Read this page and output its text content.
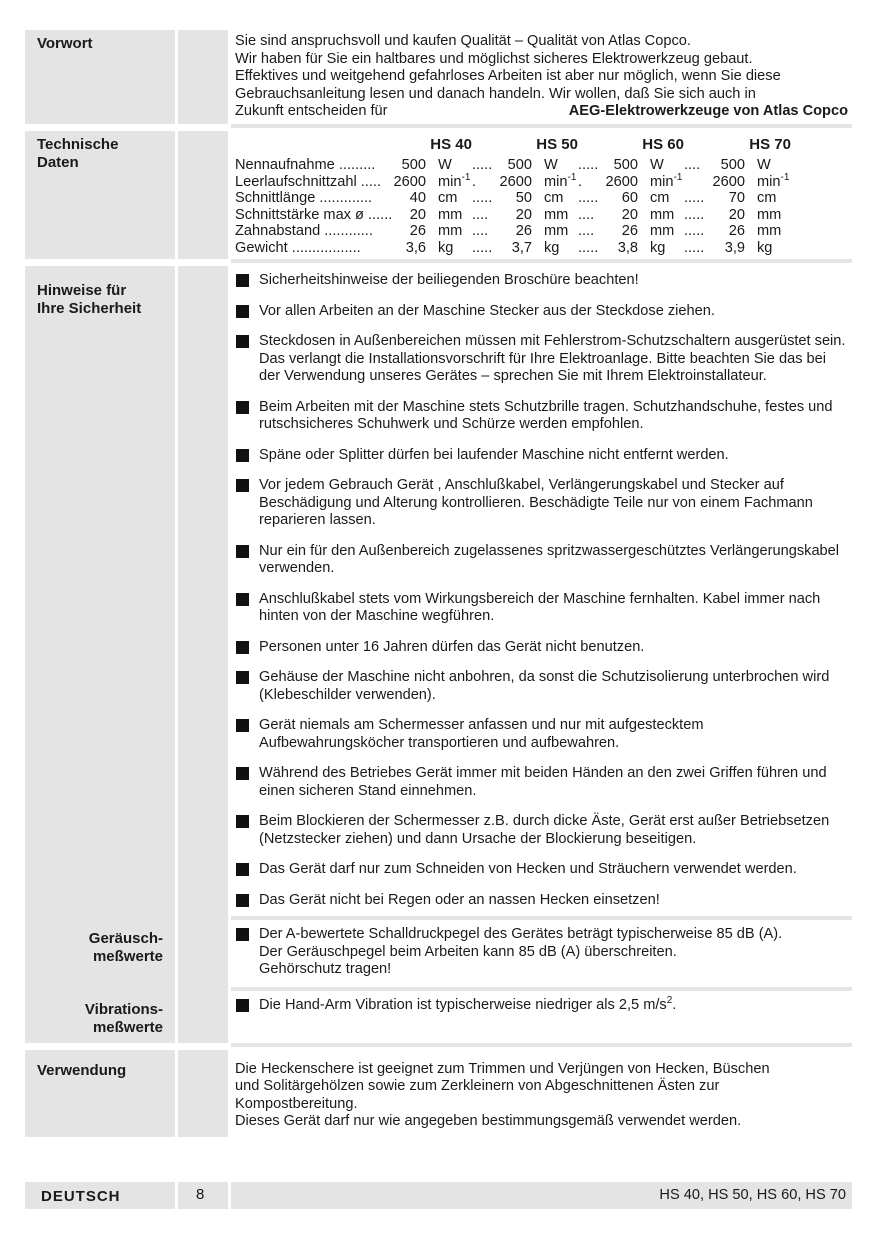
Vorwort	Sie sind anspruchsvoll und kaufen Qualität – Qualität von Atlas Copco.

Wir haben für Sie ein haltbares und möglichst sicheres Elektrowerkzeug gebaut.

Effektives und weitgehend gefahrloses Arbeiten ist aber nur möglich, wenn Sie diese

Gebrauchsanleitung lesen und danach handeln. Wir wollen, daß Sie sich auch in

Zukunft entscheiden für	AEG-Elektrowerkzeuge von Atlas Copco
Technische
Daten
HS 40	HS 50	HS 60	HS 70

Nennaufnahme ......... 500 W	..... 500 W	..... 500 W	.... 500 W

Leerlaufschnittzahl ..... 2600 $\min^{-1}$	. 2600 $\min^{-1}$	. 2600 $\min^{-1}$	2600 $\min^{-1}$

Schnittlänge ............. 40 cm	..... 50 cm	..... 60 cm	..... 70 cm

Schnittstärke max ø ...... 20 mm	.... 20 mm	.... 20 mm	..... 20 mm

Zahnabstand ............ 26 mm	.... 26 mm	.... 26 mm	..... 26 mm

Gewicht ................. 3,6 kg	..... 3,7 kg	..... 3,8 kg	..... 3,9 kg
Hinweise für
Ihre Sicherheit
Sicherheitshinweise der beiliegenden Broschüre beachten!
Vor allen Arbeiten an der Maschine Stecker aus der Steckdose ziehen.
Steckdosen in Außenbereichen müssen mit Fehlerstrom-Schutzschaltern ausgerüstet sein. Das verlangt die Installationsvorschrift für Ihre Elektroanlage. Bitte beachten Sie das bei der Verwendung unseres Gerätes – sprechen Sie mit Ihrem Elektroinstallateur.
Beim Arbeiten mit der Maschine stets Schutzbrille tragen. Schutzhandschuhe, festes und rutschsicheres Schuhwerk und Schürze werden empfohlen.
Späne oder Splitter dürfen bei laufender Maschine nicht entfernt werden.
Vor jedem Gebrauch Gerät , Anschlußkabel, Verlängerungskabel und Stecker auf Beschädigung und Alterung kontrollieren. Beschädigte Teile nur von einem Fachmann reparieren lassen.
Nur ein für den Außenbereich zugelassenes spritzwassergeschütztes Verlängerungskabel verwenden.
Anschlußkabel stets vom Wirkungsbereich der Maschine fernhalten. Kabel immer nach hinten von der Maschine wegführen.
Personen unter 16 Jahren dürfen das Gerät nicht benutzen.
Gehäuse der Maschine nicht anbohren, da sonst die Schutzisolierung unterbrochen wird (Klebeschilder verwenden).
Gerät niemals am Schermesser anfassen und nur mit aufgestecktem Aufbewahrungsköcher transportieren und aufbewahren.
Während des Betriebes Gerät immer mit beiden Händen an den zwei Griffen führen und einen sicheren Stand einnehmen.
Beim Blockieren der Schermesser z.B. durch dicke Äste, Gerät erst außer Betriebsetzen (Netzstecker ziehen) und dann Ursache der Blockierung beseitigen.
Das Gerät darf nur zum Schneiden von Hecken und Sträuchern verwendet werden.
Das Gerät nicht bei Regen oder an nassen Hecken einsetzen!
Geräusch-
meßwerte

Der A-bewertete Schalldruckpegel des Gerätes beträgt typischerweise 85 dB (A).

Der Geräuschpegel beim Arbeiten kann 85 dB (A) überschreiten.

Gehörschutz tragen!

Vibrations-
meßwerte
Die Hand-Arm Vibration ist typischerweise niedriger als 2,5 $m/s^2$.
Verwendung	Die Heckenschere ist geeignet zum Trimmen und Verjüngen von Hecken, Büschen

und Solitärgehölzen sowie zum Zerkleinern von Abgeschnittenen Ästen zur

Kompostbereitung.

Dieses Gerät darf nur wie angegeben bestimmungsgemäß verwendet werden.

DEUTSCH	8	HS 40, HS 50, HS 60, HS 70
